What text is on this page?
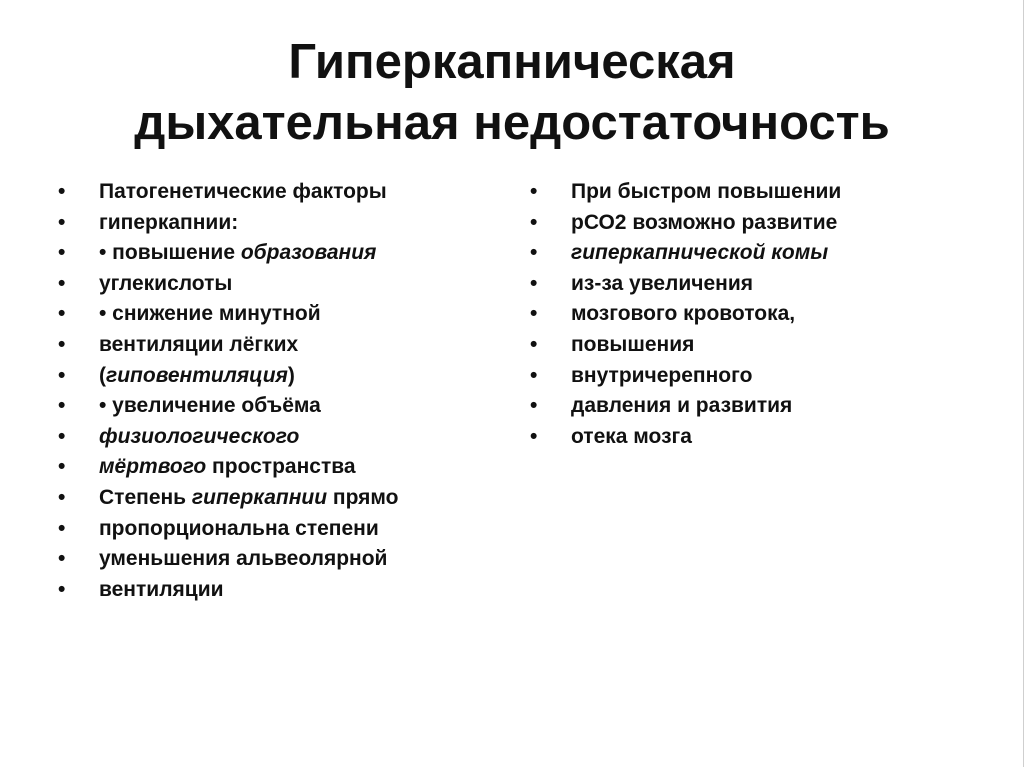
Гиперкапническая
дыхательная недостаточность
•	Патогенетические факторы
•	гиперкапнии:
•	• повышение образования
•	углекислоты
•	• снижение минутной
•	вентиляции лёгких
•	(гиповентиляция)
•	• увеличение объёма
•	физиологического
•	мёртвого пространства
•	Степень гиперкапнии прямо
•	пропорциональна степени
•	уменьшения альвеолярной
•	вентиляции
•	При быстром повышении
•	рСО2 возможно развитие
•	гиперкапнической комы
•	из-за увеличения
•	мозгового кровотока,
•	повышения
•	внутричерепного
•	давления и развития
•	отека мозга
